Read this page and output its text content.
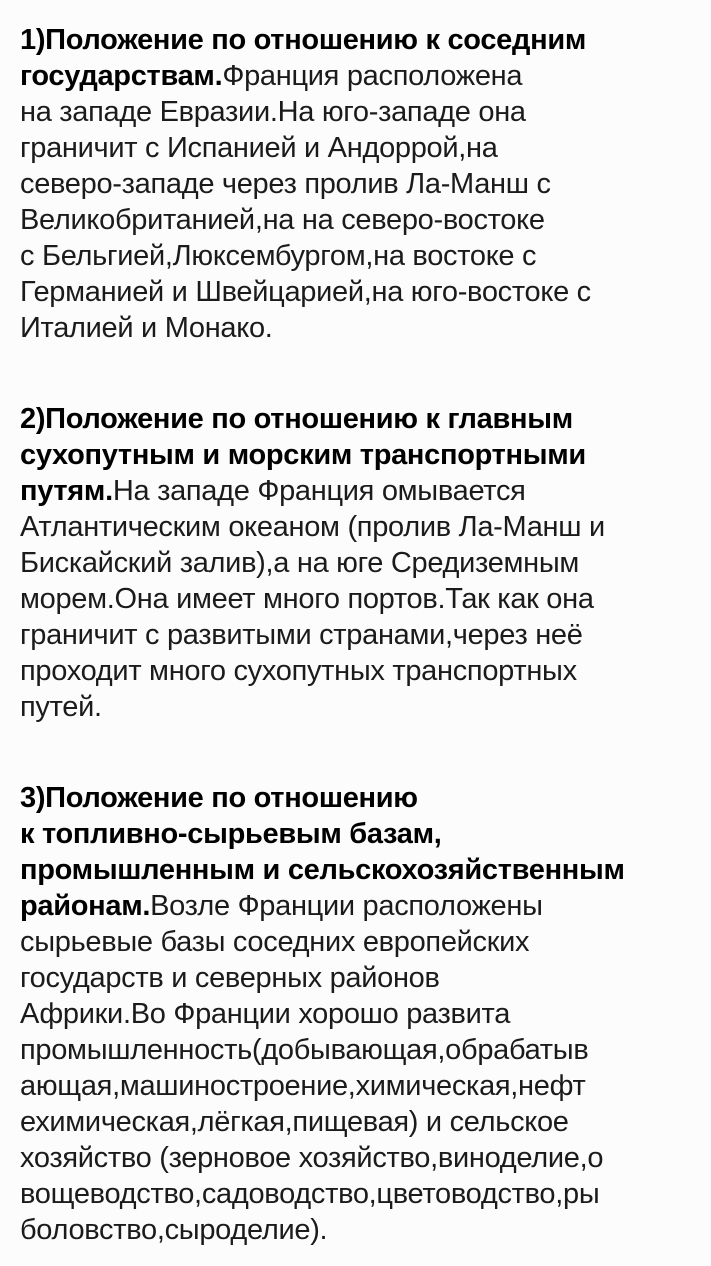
1)Положение по отношению к соседним
государствам.Франция расположена
на западе Евразии.На юго-западе она
граничит с Испанией и Андоррой,на
северо-западе через пролив Ла-Манш с
Великобританией,на на северо-востоке
с Бельгией,Люксембургом,на востоке с
Германией и Швейцарией,на юго-востоке с
Италией и Монако.
2)Положение по отношению к главным
сухопутным и морским транспортными
путям.На западе Франция омывается
Атлантическим океаном (пролив Ла-Манш и
Бискайский залив),а на юге Средиземным
морем.Она имеет много портов.Так как она
граничит с развитыми странами,через неё
проходит много сухопутных транспортных
путей.
3)Положение по отношению
к топливно-сырьевым базам,
промышленным и сельскохозяйственным
районам.Возле Франции расположены
сырьевые базы соседних европейских
государств и северных районов
Африки.Во Франции хорошо развита
промышленность(добывающая,обрабатыв
ающая,машиностроение,химическая,нефт
ехимическая,лёгкая,пищевая) и сельское
хозяйство (зерновое хозяйство,виноделие,о
вощеводство,садоводство,цветоводство,ры
боловство,сыроделие).
